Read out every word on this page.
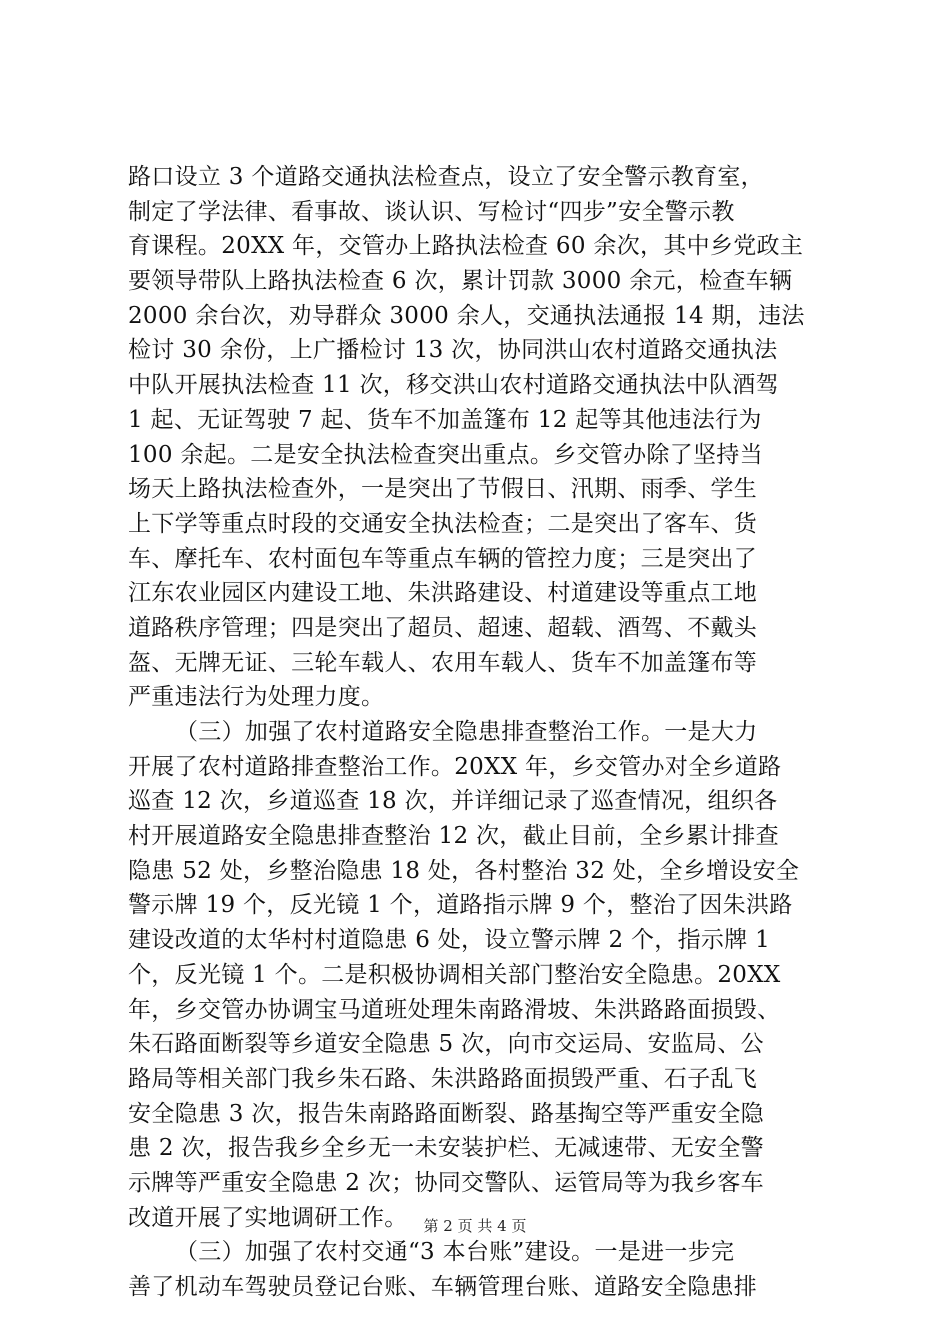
路口设立 3 个道路交通执法检查点，设立了安全警示教育室，
制定了学法律、看事故、谈认识、写检讨“四步”安全警示教
育课程。20XX 年，交管办上路执法检查 60 余次，其中乡党政主
要领导带队上路执法检查 6 次，累计罚款 3000 余元，检查车辆
2000 余台次，劝导群众 3000 余人，交通执法通报 14 期，违法
检讨 30 余份，上广播检讨 13 次，协同洪山农村道路交通执法
中队开展执法检查 11 次，移交洪山农村道路交通执法中队酒驾
1 起、无证驾驶 7 起、货车不加盖篷布 12 起等其他违法行为
100 余起。二是安全执法检查突出重点。乡交管办除了坚持当
场天上路执法检查外，一是突出了节假日、汛期、雨季、学生
上下学等重点时段的交通安全执法检查；二是突出了客车、货
车、摩托车、农村面包车等重点车辆的管控力度；三是突出了
江东农业园区内建设工地、朱洪路建设、村道建设等重点工地
道路秩序管理；四是突出了超员、超速、超载、酒驾、不戴头
盔、无牌无证、三轮车载人、农用车载人、货车不加盖篷布等
严重违法行为处理力度。
（三）加强了农村道路安全隐患排查整治工作。一是大力
开展了农村道路排查整治工作。20XX 年，乡交管办对全乡道路
巡查 12 次，乡道巡查 18 次，并详细记录了巡查情况，组织各
村开展道路安全隐患排查整治 12 次，截止目前，全乡累计排查
隐患 52 处，乡整治隐患 18 处，各村整治 32 处，全乡增设安全
警示牌 19 个，反光镜 1 个，道路指示牌 9 个，整治了因朱洪路
建设改道的太华村村道隐患 6 处，设立警示牌 2 个，指示牌 1
个，反光镜 1 个。二是积极协调相关部门整治安全隐患。20XX
年，乡交管办协调宝马道班处理朱南路滑坡、朱洪路路面损毁、
朱石路面断裂等乡道安全隐患 5 次，向市交运局、安监局、公
路局等相关部门我乡朱石路、朱洪路路面损毁严重、石子乱飞
安全隐患 3 次，报告朱南路路面断裂、路基掏空等严重安全隐
患 2 次，报告我乡全乡无一未安装护栏、无减速带、无安全警
示牌等严重安全隐患 2 次；协同交警队、运管局等为我乡客车
改道开展了实地调研工作。
（三）加强了农村交通“3 本台账”建设。一是进一步完
善了机动车驾驶员登记台账、车辆管理台账、道路安全隐患排
第 2 页 共 4 页
